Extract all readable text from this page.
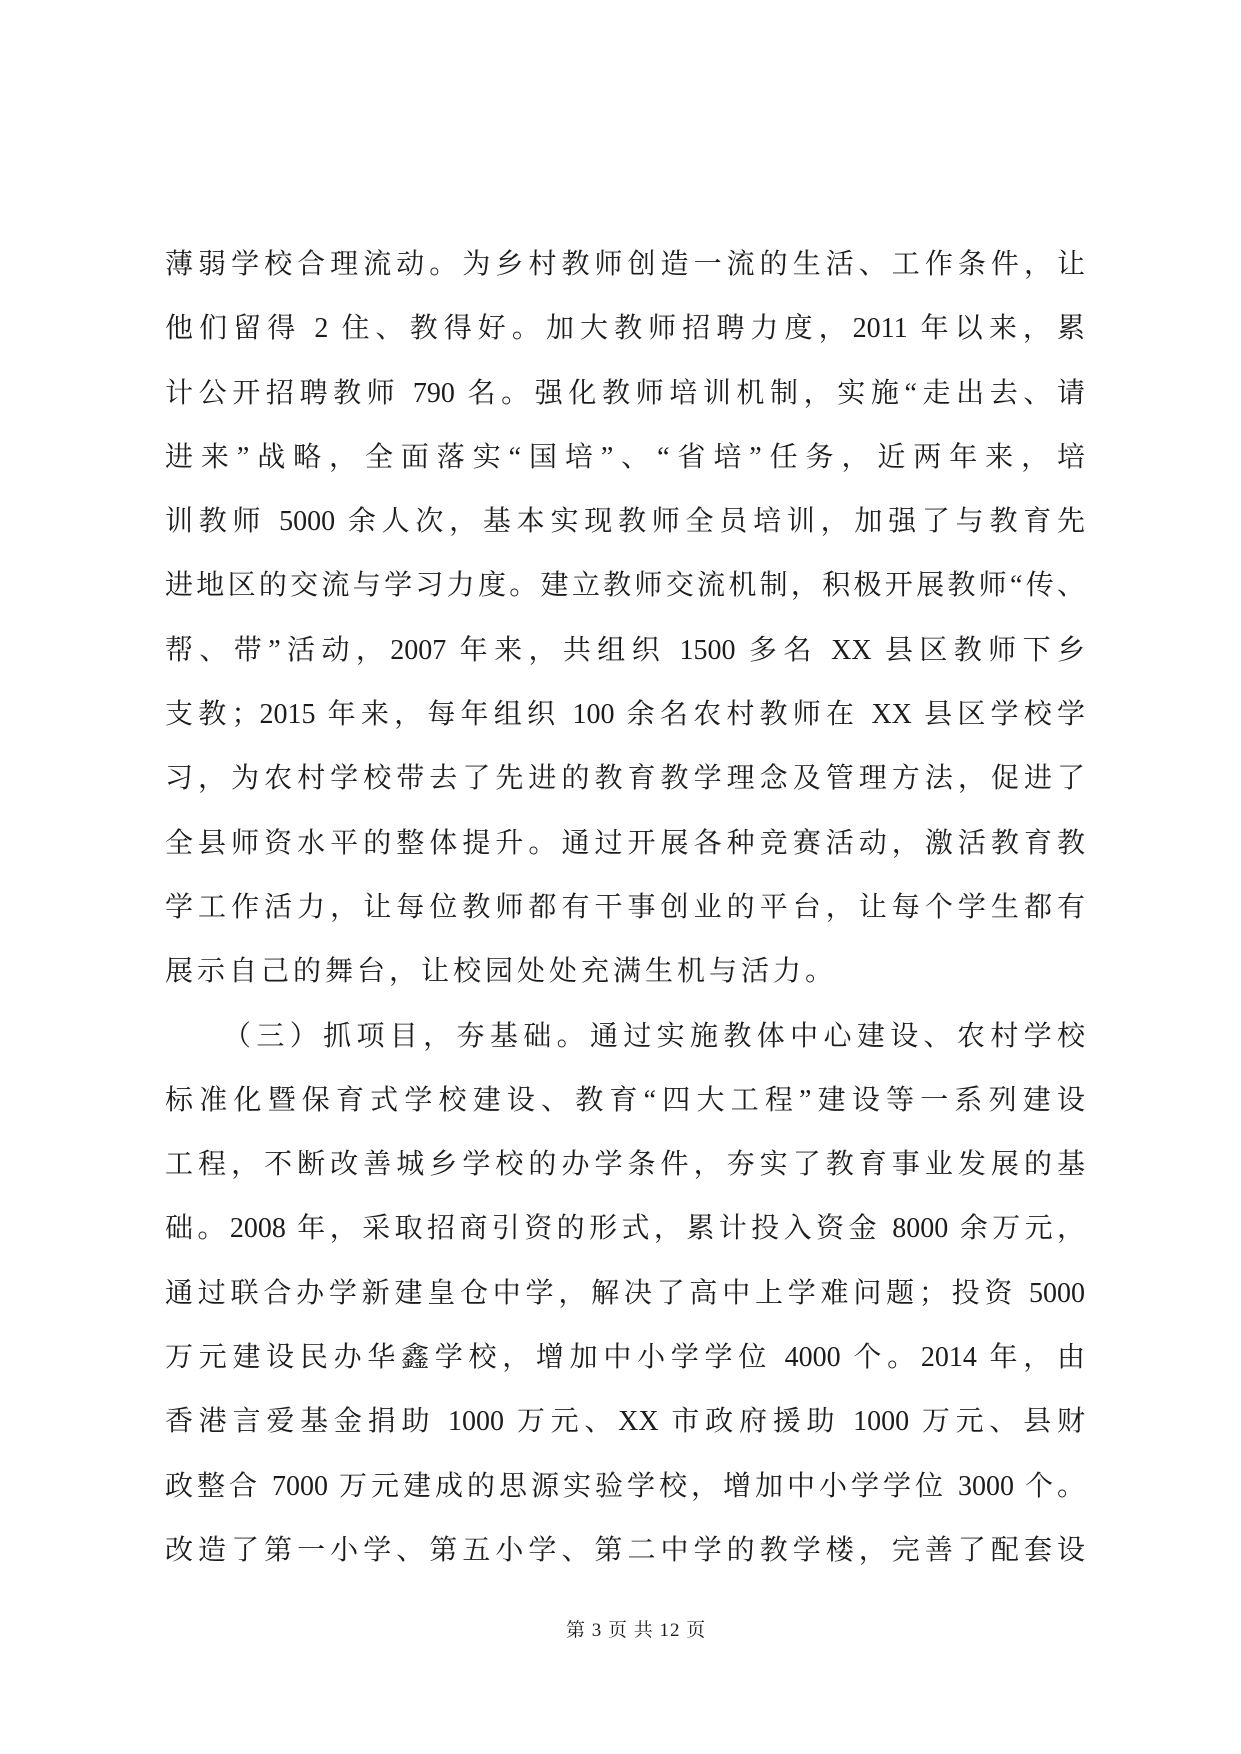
薄弱学校合理流动。为乡村教师创造一流的生活、工作条件，让
他们留得 2 住、教得好。加大教师招聘力度，2011 年以来，累
计公开招聘教师 790 名。强化教师培训机制，实施“走出去、请
进来”战略，全面落实“国培”、“省培”任务，近两年来，培
训教师 5000 余人次，基本实现教师全员培训，加强了与教育先
进地区的交流与学习力度。建立教师交流机制，积极开展教师“传、
帮、带”活动，2007 年来，共组织 1500 多名 XX 县区教师下乡
支教；2015 年来，每年组织 100 余名农村教师在 XX 县区学校学
习，为农村学校带去了先进的教育教学理念及管理方法，促进了
全县师资水平的整体提升。通过开展各种竞赛活动，激活教育教
学工作活力，让每位教师都有干事创业的平台，让每个学生都有
展示自己的舞台，让校园处处充满生机与活力。
（三）抓项目，夯基础。通过实施教体中心建设、农村学校
标准化暨保育式学校建设、教育“四大工程”建设等一系列建设
工程，不断改善城乡学校的办学条件，夯实了教育事业发展的基
础。2008 年，采取招商引资的形式，累计投入资金 8000 余万元，
通过联合办学新建皇仓中学，解决了高中上学难问题；投资 5000
万元建设民办华鑫学校，增加中小学学位 4000 个。2014 年，由
香港言爱基金捐助 1000 万元、XX 市政府援助 1000 万元、县财
政整合 7000 万元建成的思源实验学校，增加中小学学位 3000 个。
改造了第一小学、第五小学、第二中学的教学楼，完善了配套设
第 3 页 共 12 页
